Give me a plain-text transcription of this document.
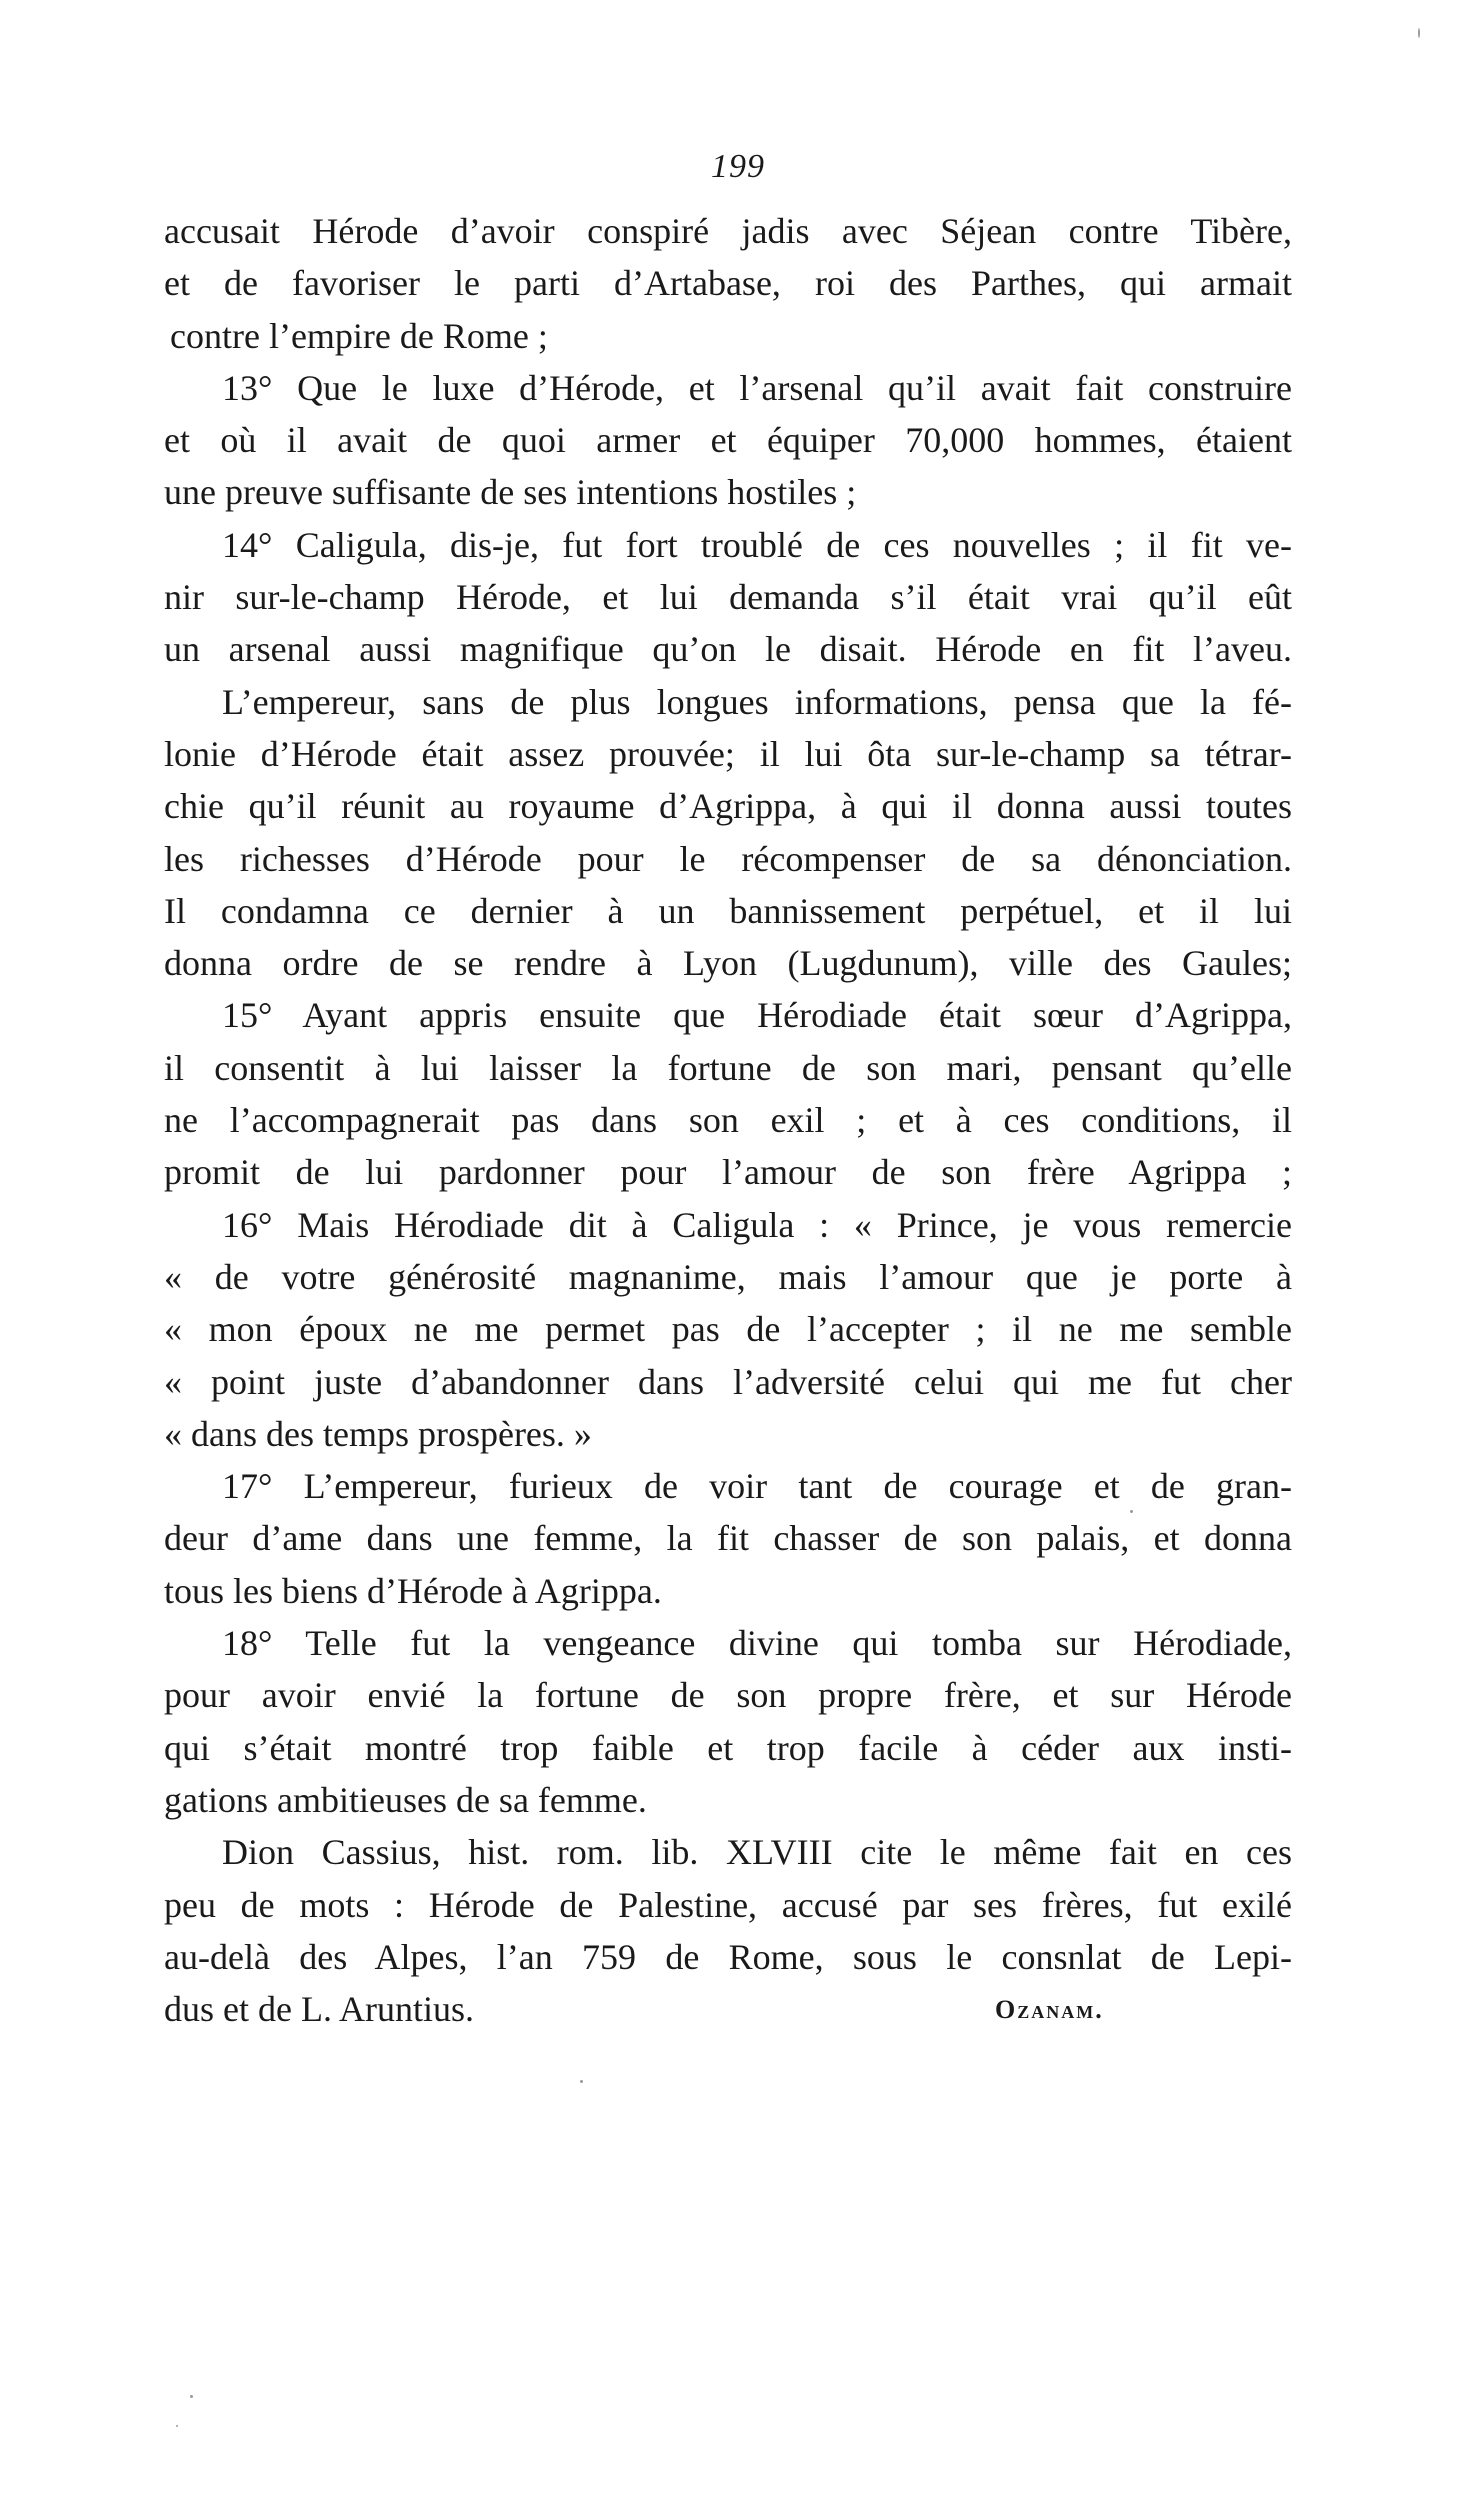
199
accusait Hérode d’avoir conspiré jadis avec Séjean contre Tibère,
et de favoriser le parti d’Artabase, roi des Parthes, qui armait
contre l’empire de Rome ;
13° Que le luxe d’Hérode, et l’arsenal qu’il avait fait construire
et où il avait de quoi armer et équiper 70,000 hommes, étaient
une preuve suffisante de ses intentions hostiles ;
14° Caligula, dis-je, fut fort troublé de ces nouvelles ; il fit ve-
nir sur-le-champ Hérode, et lui demanda s’il était vrai qu’il eût
un arsenal aussi magnifique qu’on le disait. Hérode en fit l’aveu.
L’empereur, sans de plus longues informations, pensa que la fé-
lonie d’Hérode était assez prouvée; il lui ôta sur-le-champ sa tétrar-
chie qu’il réunit au royaume d’Agrippa, à qui il donna aussi toutes
les richesses d’Hérode pour le récompenser de sa dénonciation.
Il condamna ce dernier à un bannissement perpétuel, et il lui
donna ordre de se rendre à Lyon (Lugdunum), ville des Gaules;
15° Ayant appris ensuite que Hérodiade était sœur d’Agrippa,
il consentit à lui laisser la fortune de son mari, pensant qu’elle
ne l’accompagnerait pas dans son exil ; et à ces conditions, il
promit de lui pardonner pour l’amour de son frère Agrippa ;
16° Mais Hérodiade dit à Caligula : « Prince, je vous remercie
« de votre générosité magnanime, mais l’amour que je porte à
« mon époux ne me permet pas de l’accepter ; il ne me semble
« point juste d’abandonner dans l’adversité celui qui me fut cher
« dans des temps prospères. »
17° L’empereur, furieux de voir tant de courage et de gran-
deur d’ame dans une femme, la fit chasser de son palais, et donna
tous les biens d’Hérode à Agrippa.
18° Telle fut la vengeance divine qui tomba sur Hérodiade,
pour avoir envié la fortune de son propre frère, et sur Hérode
qui s’était montré trop faible et trop facile à céder aux insti-
gations ambitieuses de sa femme.
Dion Cassius, hist. rom. lib. XLVIII cite le même fait en ces
peu de mots : Hérode de Palestine, accusé par ses frères, fut exilé
au-delà des Alpes, l’an 759 de Rome, sous le consnlat de Lepi-
dus et de L. Aruntius.	Ozanam.
